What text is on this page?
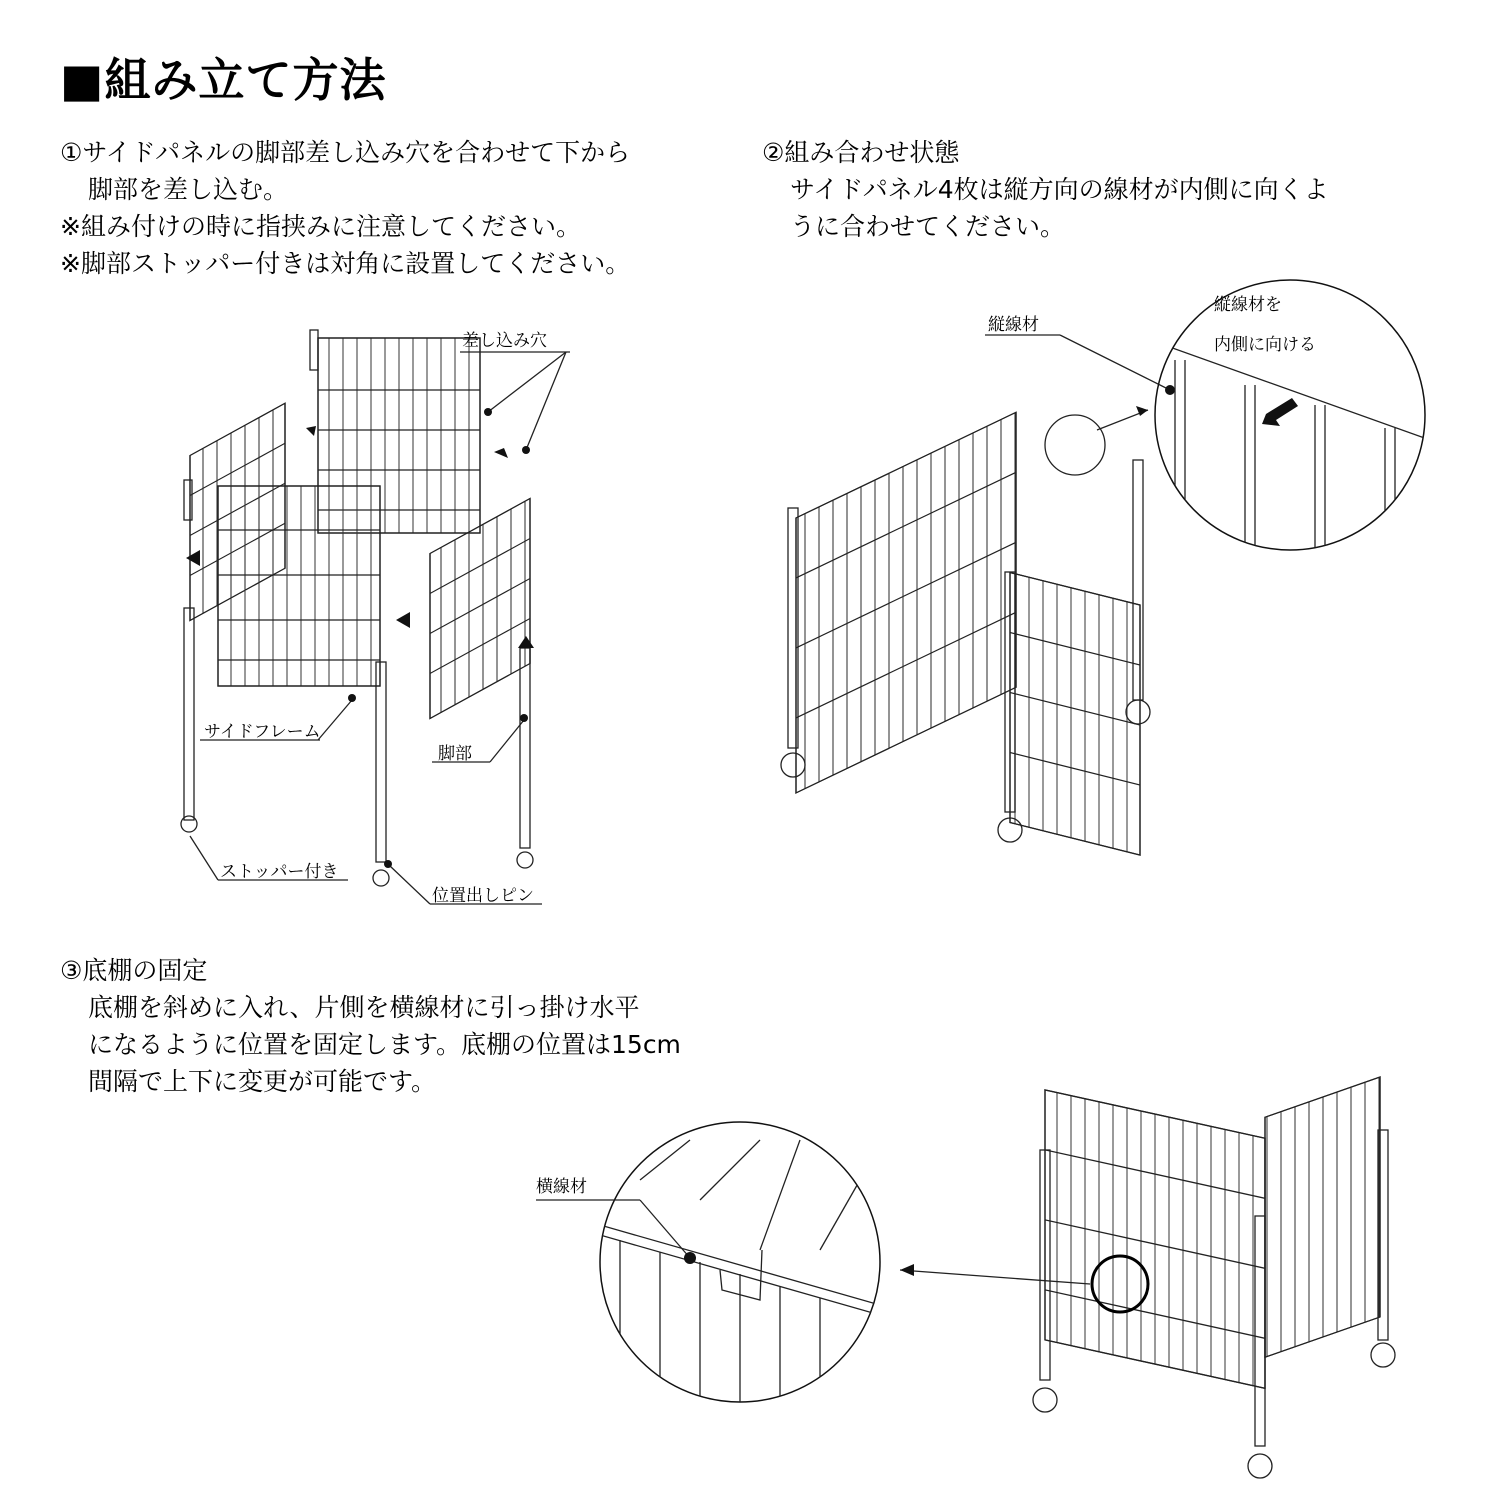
■組み立て方法

①サイドパネルの脚部差し込み穴を合わせて下から

脚部を差し込む。

※組み付けの時に指挟みに注意してください。

※脚部ストッパー付きは対角に設置してください。

②組み合わせ状態

サイドパネル4枚は縦方向の線材が内側に向くよ

うに合わせてください。

③底棚の固定

底棚を斜めに入れ、片側を横線材に引っ掛け水平

になるように位置を固定します。底棚の位置は15cm

間隔で上下に変更が可能です。

差し込み穴
サイドフレーム
脚部
ストッパー付き
位置出しピン
縦線材
縦線材を
内側に向ける
横線材
